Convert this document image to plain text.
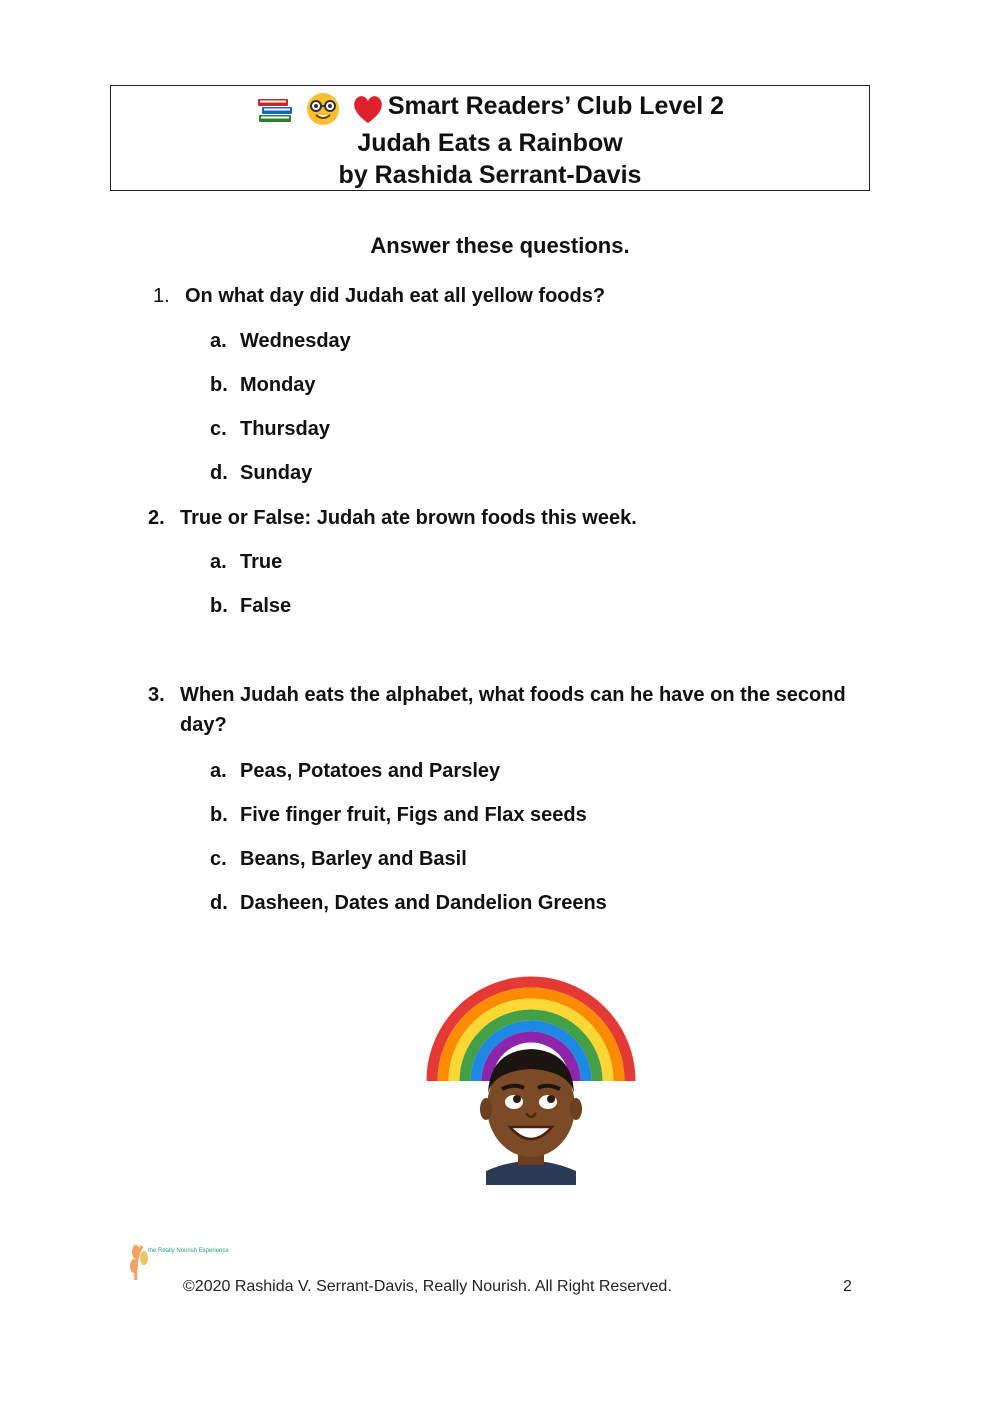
Smart Readers’ Club Level 2

Judah Eats a Rainbow

by Rashida Serrant-Davis

Answer these questions.
1. On what day did Judah eat all yellow foods?
a. Wednesday
b. Monday
c. Thursday
d. Sunday
2. True or False: Judah ate brown foods this week.
a. True
b. False
3. When Judah eats the alphabet, what foods can he have on the second
day?
a. Peas, Potatoes and Parsley
b. Five finger fruit, Figs and Flax seeds
c. Beans, Barley and Basil
d. Dasheen, Dates and Dandelion Greens
the Really Nourish Experience
©2020 Rashida V. Serrant-Davis, Really Nourish. All Right Reserved.	2
